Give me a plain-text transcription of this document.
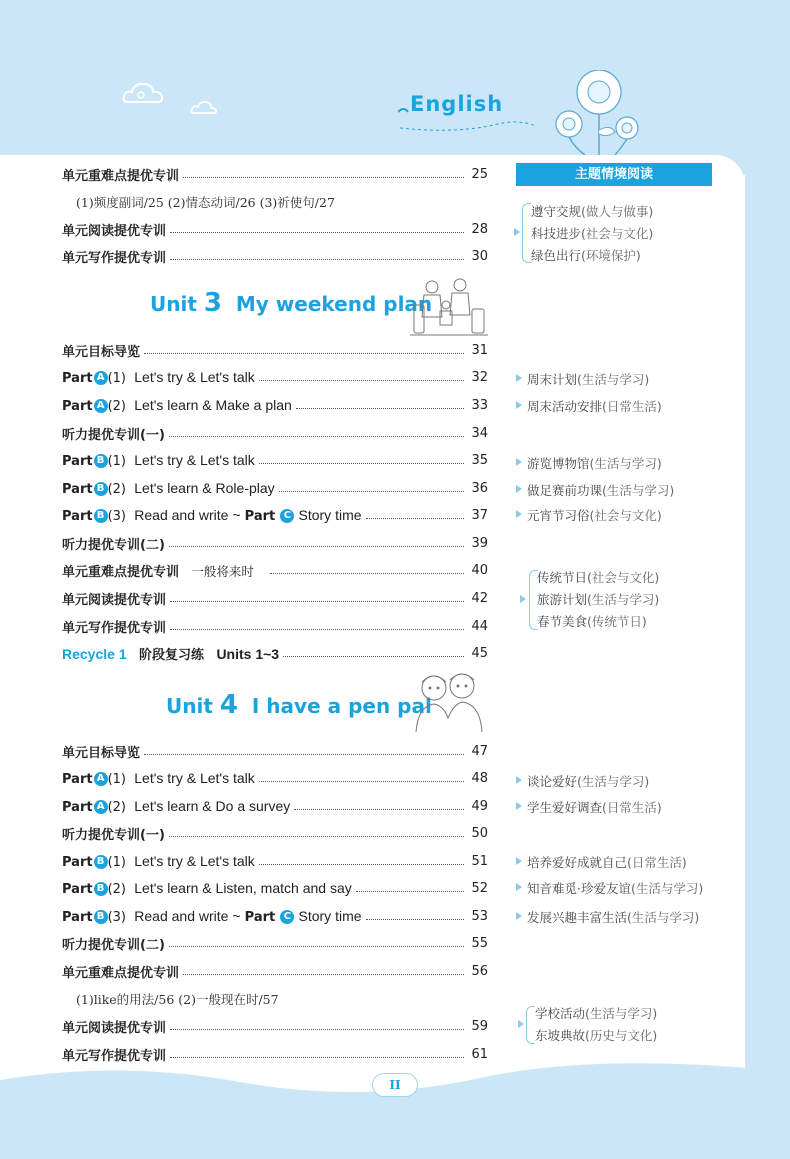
English
单元重难点提优专训	25
(1)频度副词/25 (2)情态动词/26 (3)祈使句/27
单元阅读提优专训	28
单元写作提优专训	30
主题情境阅读
遵守交规(做人与做事)
科技进步(社会与文化)
绿色出行(环境保护)
Unit 3 My weekend plan
单元目标导览	31
Part A (1) Let's try & Let's talk	32
Part A (2) Let's learn & Make a plan	33
听力提优专训(一)	34
Part B (1) Let's try & Let's talk	35
Part B (2) Let's learn & Role-play	36
Part B (3) Read and write ~ Part C Story time	37
听力提优专训(二)	39
单元重难点提优专训 一般将来时	40
单元阅读提优专训	42
单元写作提优专训	44
Recycle 1 阶段复习练 Units 1~3	45
周末计划(生活与学习)
周末活动安排(日常生活)
游览博物馆(生活与学习)
做足赛前功课(生活与学习)
元宵节习俗(社会与文化)
传统节日(社会与文化)
旅游计划(生活与学习)
春节美食(传统节日)
Unit 4 I have a pen pal
单元目标导览	47
Part A (1) Let's try & Let's talk	48
Part A (2) Let's learn & Do a survey	49
听力提优专训(一)	50
Part B (1) Let's try & Let's talk	51
Part B (2) Let's learn & Listen, match and say	52
Part B (3) Read and write ~ Part C Story time	53
听力提优专训(二)	55
单元重难点提优专训	56
(1)like的用法/56 (2)一般现在时/57
单元阅读提优专训	59
单元写作提优专训	61
谈论爱好(生活与学习)
学生爱好调查(日常生活)
培养爱好成就自己(日常生活)
知音难觅·珍爱友谊(生活与学习)
发展兴趣丰富生活(生活与学习)
学校活动(生活与学习)
东坡典故(历史与文化)
II
